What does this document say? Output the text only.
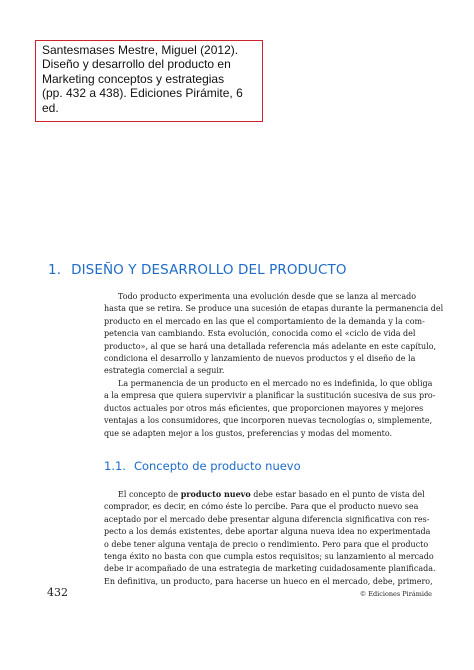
Santesmases Mestre, Miguel (2012).
Diseño y desarrollo del producto en
Marketing conceptos y estrategias
(pp. 432 a 438). Ediciones Pirámite, 6
ed.
1. DISEÑO Y DESARROLLO DEL PRODUCTO
Todo producto experimenta una evolución desde que se lanza al mercado
hasta que se retira. Se produce una sucesión de etapas durante la permanencia del
producto en el mercado en las que el comportamiento de la demanda y la com-
petencia van cambiando. Esta evolución, conocida como el «ciclo de vida del
producto», al que se hará una detallada referencia más adelante en este capítulo,
condiciona el desarrollo y lanzamiento de nuevos productos y el diseño de la
estrategia comercial a seguir.
La permanencia de un producto en el mercado no es indefinida, lo que obliga
a la empresa que quiera supervivir a planificar la sustitución sucesiva de sus pro-
ductos actuales por otros más eficientes, que proporcionen mayores y mejores
ventajas a los consumidores, que incorporen nuevas tecnologías o, simplemente,
que se adapten mejor a los gustos, preferencias y modas del momento.
1.1. Concepto de producto nuevo
El concepto de producto nuevo debe estar basado en el punto de vista del
comprador, es decir, en cómo éste lo percibe. Para que el producto nuevo sea
aceptado por el mercado debe presentar alguna diferencia significativa con res-
pecto a los demás existentes, debe aportar alguna nueva idea no experimentada
o debe tener alguna ventaja de precio o rendimiento. Pero para que el producto
tenga éxito no basta con que cumpla estos requisitos; su lanzamiento al mercado
debe ir acompañado de una estrategia de marketing cuidadosamente planificada.
En definitiva, un producto, para hacerse un hueco en el mercado, debe, primero,
432	© Ediciones Pirámide
